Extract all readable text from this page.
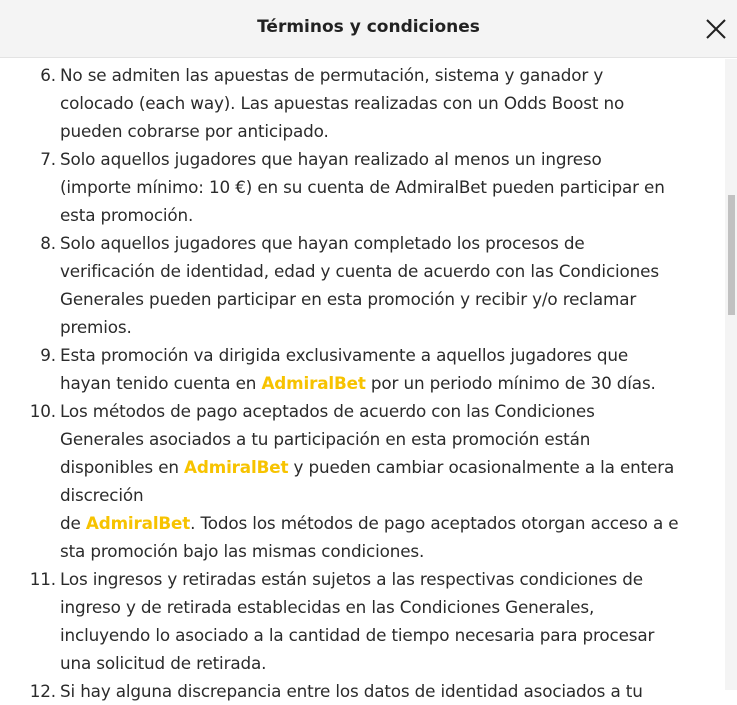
Términos y condiciones
6. No se admiten las apuestas de permutación, sistema y ganador y
colocado (each way). Las apuestas realizadas con un Odds Boost no
pueden cobrarse por anticipado.
7. Solo aquellos jugadores que hayan realizado al menos un ingreso
(importe mínimo: 10 €) en su cuenta de AdmiralBet pueden participar en
esta promoción.
8. Solo aquellos jugadores que hayan completado los procesos de
verificación de identidad, edad y cuenta de acuerdo con las Condiciones
Generales pueden participar en esta promoción y recibir y/o reclamar
premios.
9. Esta promoción va dirigida exclusivamente a aquellos jugadores que
hayan tenido cuenta en AdmiralBet por un periodo mínimo de 30 días.
10. Los métodos de pago aceptados de acuerdo con las Condiciones
Generales asociados a tu participación en esta promoción están
disponibles en AdmiralBet y pueden cambiar ocasionalmente a la entera
discreción
de AdmiralBet. Todos los métodos de pago aceptados otorgan acceso a e
sta promoción bajo las mismas condiciones.
11. Los ingresos y retiradas están sujetos a las respectivas condiciones de
ingreso y de retirada establecidas en las Condiciones Generales,
incluyendo lo asociado a la cantidad de tiempo necesaria para procesar
una solicitud de retirada.
12. Si hay alguna discrepancia entre los datos de identidad asociados a tu
